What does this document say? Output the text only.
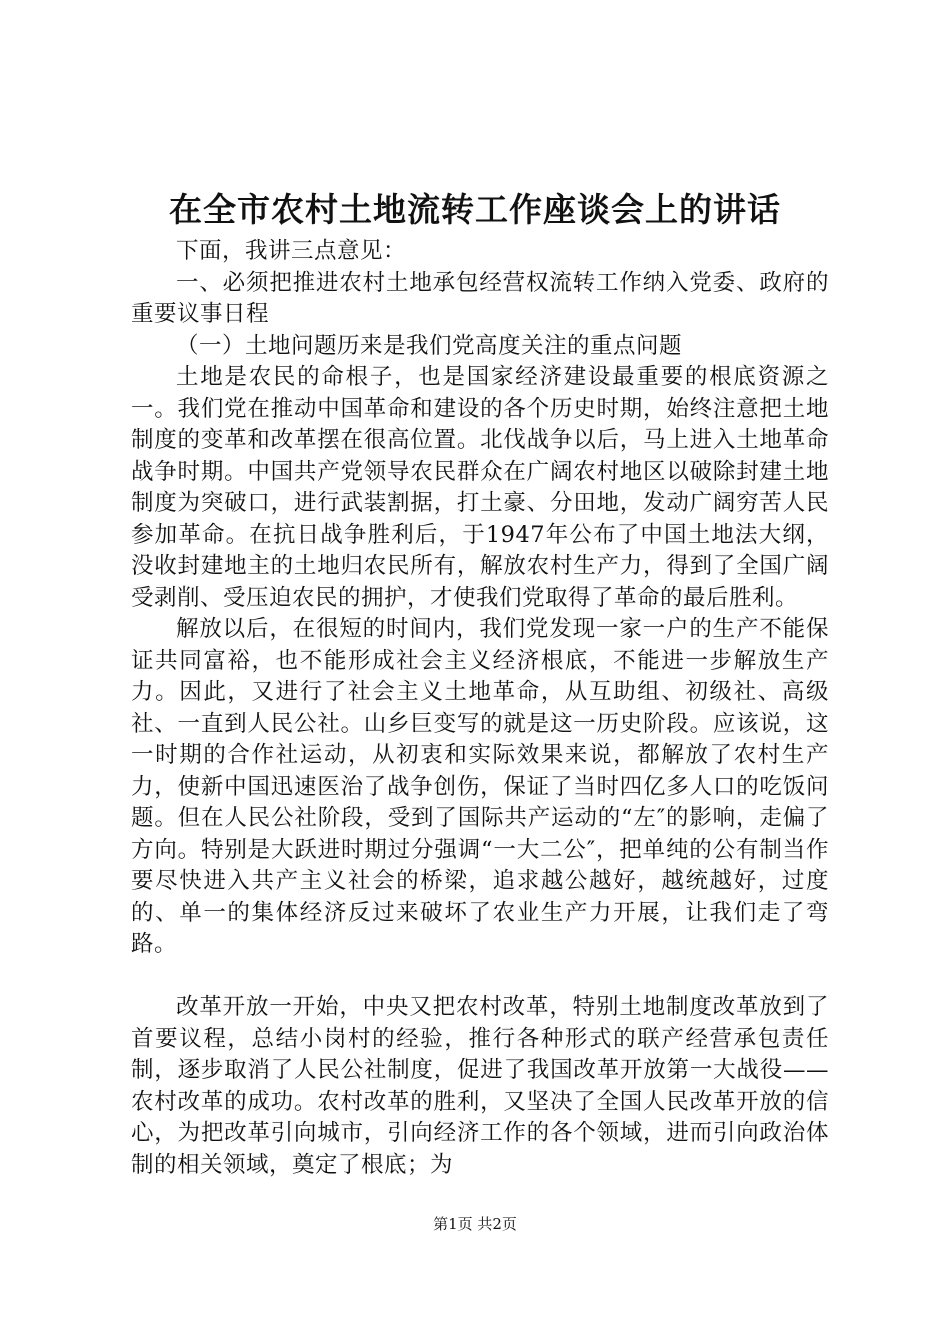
在全市农村土地流转工作座谈会上的讲话

下面，我讲三点意见：

一、必须把推进农村土地承包经营权流转工作纳入党委、政府的重要议事日程

（一）土地问题历来是我们党高度关注的重点问题

土地是农民的命根子，也是国家经济建设最重要的根底资源之一。我们党在推动中国革命和建设的各个历史时期，始终注意把土地制度的变革和改革摆在很高位置。北伐战争以后，马上进入土地革命战争时期。中国共产党领导农民群众在广阔农村地区以破除封建土地制度为突破口，进行武装割据，打土豪、分田地，发动广阔穷苦人民参加革命。在抗日战争胜利后，于1947年公布了中国土地法大纲，没收封建地主的土地归农民所有，解放农村生产力，得到了全国广阔受剥削、受压迫农民的拥护，才使我们党取得了革命的最后胜利。

解放以后，在很短的时间内，我们党发现一家一户的生产不能保证共同富裕，也不能形成社会主义经济根底，不能进一步解放生产力。因此，又进行了社会主义土地革命，从互助组、初级社、高级社、一直到人民公社。山乡巨变写的就是这一历史阶段。应该说，这一时期的合作社运动，从初衷和实际效果来说，都解放了农村生产力，使新中国迅速医治了战争创伤，保证了当时四亿多人口的吃饭问题。但在人民公社阶段，受到了国际共产运动的“左″的影响，走偏了方向。特别是大跃进时期过分强调“一大二公″，把单纯的公有制当作要尽快进入共产主义社会的桥梁，追求越公越好，越统越好，过度的、单一的集体经济反过来破坏了农业生产力开展，让我们走了弯路。

改革开放一开始，中央又把农村改革，特别土地制度改革放到了首要议程，总结小岗村的经验，推行各种形式的联产经营承包责任制，逐步取消了人民公社制度，促进了我国改革开放第一大战役——农村改革的成功。农村改革的胜利，又坚决了全国人民改革开放的信心，为把改革引向城市，引向经济工作的各个领域，进而引向政治体制的相关领域，奠定了根底；为

第1页 共2页
